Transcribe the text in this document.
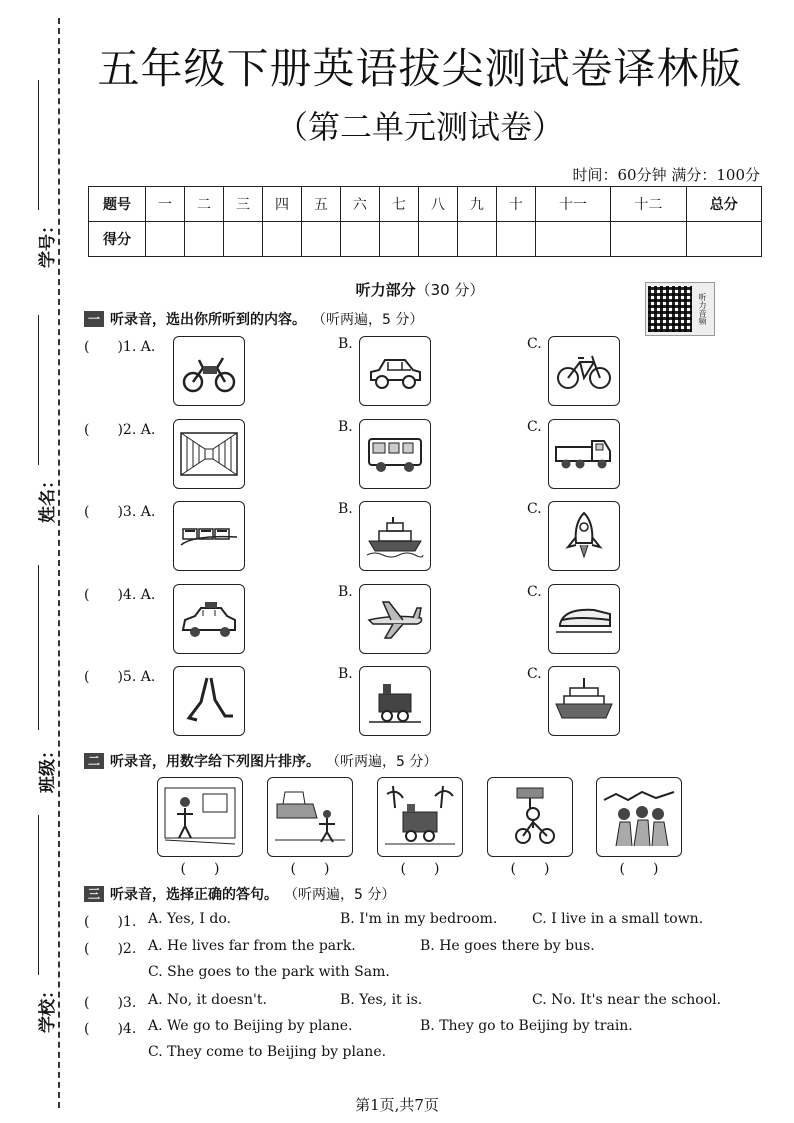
学号：
姓名：
班级：
学校：
五年级下册英语拔尖测试卷译林版
（第二单元测试卷）
时间：60分钟 满分：100分
题号	一	二	三	四	五	六	七	八	九	十	十一	十二	总分
得分													
听力部分（30 分）
听力音频
一 听录音，选出你所听到的内容。 （听两遍，5 分）
(　　)1. A.	B.	C.
(　　)2. A.	B.	C.
(　　)3. A.	B.	C.
(　　)4. A.	B.	C.
(　　)5. A.	B.	C.
二 听录音，用数字给下列图片排序。 （听两遍，5 分）
(　　)	(　　)	(　　)	(　　)	(　　)
三 听录音，选择正确的答句。 （听两遍，5 分）
(　　)1. A. Yes, I do.	B. I'm in my bedroom. C. I live in a small town.
(　　)2. A. He lives far from the park.	B. He goes there by bus.
C. She goes to the park with Sam.
(　　)3. A. No, it doesn't.	B. Yes, it is.	C. No. It's near the school.
(　　)4. A. We go to Beijing by plane.	B. They go to Beijing by train.
C. They come to Beijing by plane.
第1页,共7页
